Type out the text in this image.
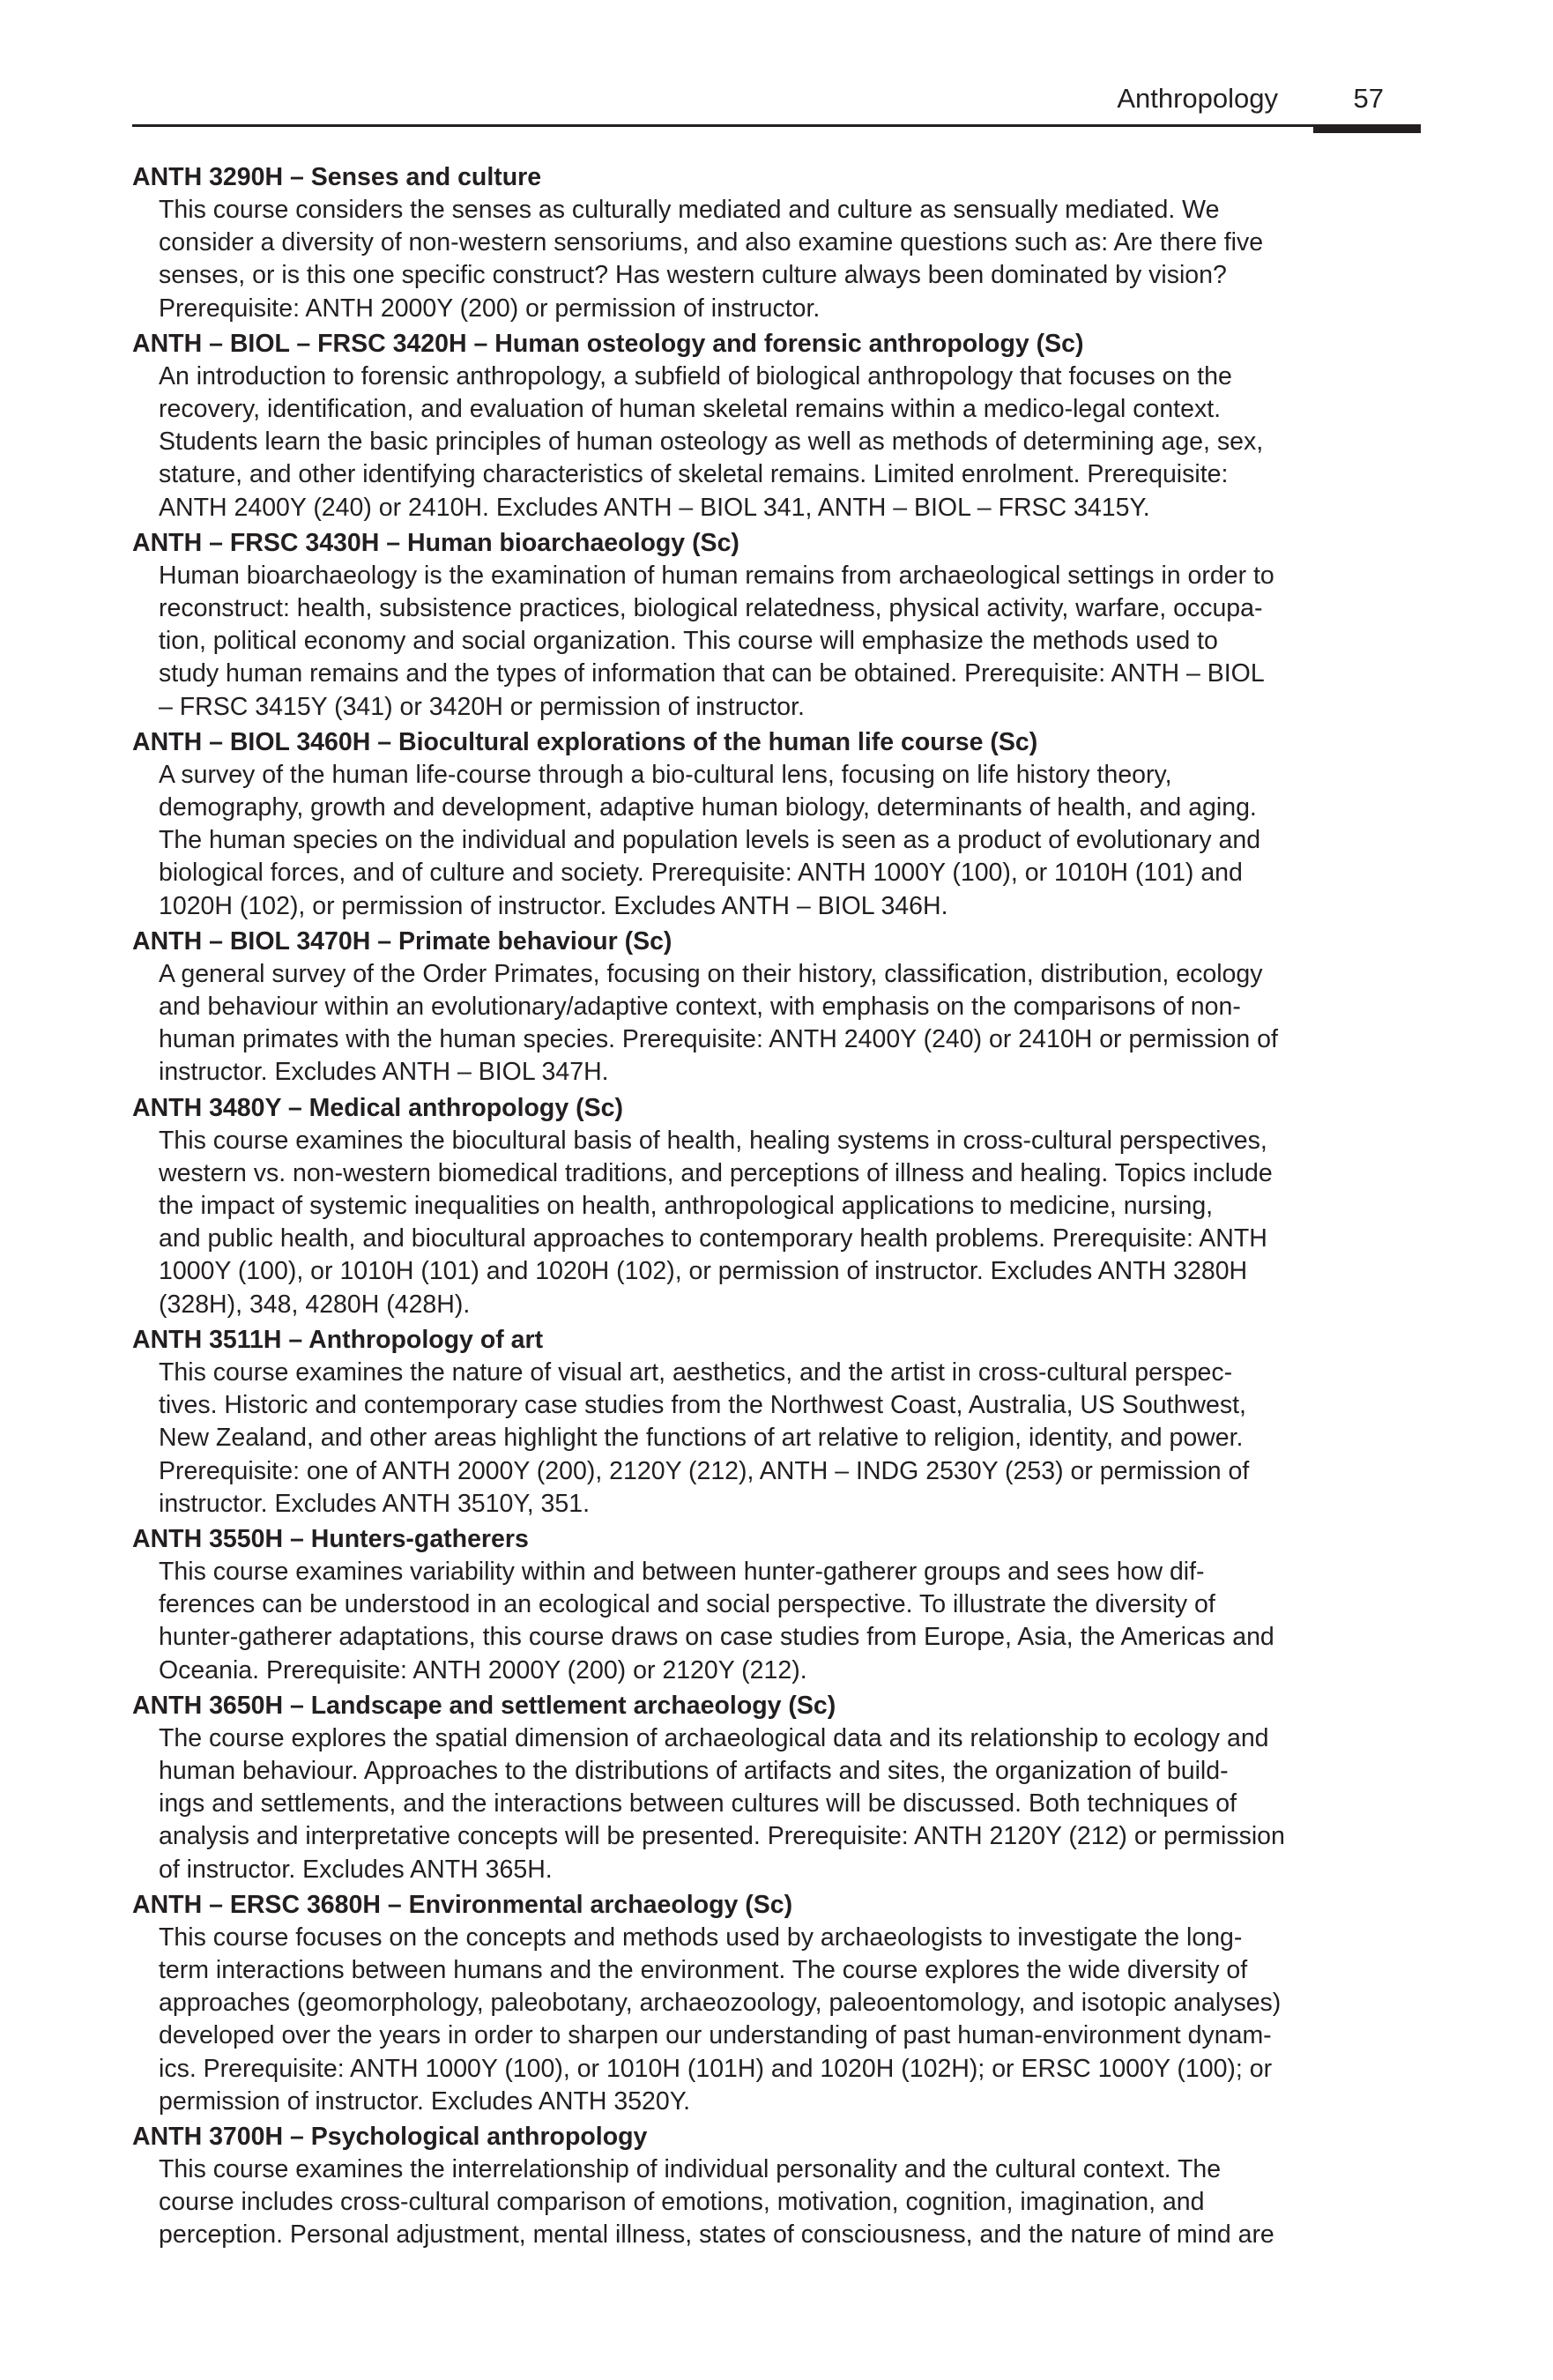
Anthropology	57
ANTH 3290H – Senses and culture
This course considers the senses as culturally mediated and culture as sensually mediated. We
consider a diversity of non-western sensoriums, and also examine questions such as: Are there five
senses, or is this one specific construct? Has western culture always been dominated by vision?
Prerequisite: ANTH 2000Y (200) or permission of instructor.
ANTH – BIOL – FRSC 3420H – Human osteology and forensic anthropology (Sc)
An introduction to forensic anthropology, a subfield of biological anthropology that focuses on the
recovery, identification, and evaluation of human skeletal remains within a medico-legal context.
Students learn the basic principles of human osteology as well as methods of determining age, sex,
stature, and other identifying characteristics of skeletal remains. Limited enrolment. Prerequisite:
ANTH 2400Y (240) or 2410H. Excludes ANTH – BIOL 341, ANTH – BIOL – FRSC 3415Y.
ANTH – FRSC 3430H – Human bioarchaeology (Sc)
Human bioarchaeology is the examination of human remains from archaeological settings in order to
reconstruct: health, subsistence practices, biological relatedness, physical activity, warfare, occupa-
tion, political economy and social organization. This course will emphasize the methods used to
study human remains and the types of information that can be obtained. Prerequisite: ANTH – BIOL
– FRSC 3415Y (341) or 3420H or permission of instructor.
ANTH – BIOL 3460H – Biocultural explorations of the human life course (Sc)
A survey of the human life-course through a bio-cultural lens, focusing on life history theory,
demography, growth and development, adaptive human biology, determinants of health, and aging.
The human species on the individual and population levels is seen as a product of evolutionary and
biological forces, and of culture and society. Prerequisite: ANTH 1000Y (100), or 1010H (101) and
1020H (102), or permission of instructor. Excludes ANTH – BIOL 346H.
ANTH – BIOL 3470H – Primate behaviour (Sc)
A general survey of the Order Primates, focusing on their history, classification, distribution, ecology
and behaviour within an evolutionary/adaptive context, with emphasis on the comparisons of non-
human primates with the human species. Prerequisite: ANTH 2400Y (240) or 2410H or permission of
instructor. Excludes ANTH – BIOL 347H.
ANTH 3480Y – Medical anthropology (Sc)
This course examines the biocultural basis of health, healing systems in cross-cultural perspectives,
western vs. non-western biomedical traditions, and perceptions of illness and healing. Topics include
the impact of systemic inequalities on health, anthropological applications to medicine, nursing,
and public health, and biocultural approaches to contemporary health problems. Prerequisite: ANTH
1000Y (100), or 1010H (101) and 1020H (102), or permission of instructor. Excludes ANTH 3280H
(328H), 348, 4280H (428H).
ANTH 3511H – Anthropology of art
This course examines the nature of visual art, aesthetics, and the artist in cross-cultural perspec-
tives. Historic and contemporary case studies from the Northwest Coast, Australia, US Southwest,
New Zealand, and other areas highlight the functions of art relative to religion, identity, and power.
Prerequisite: one of ANTH 2000Y (200), 2120Y (212), ANTH – INDG 2530Y (253) or permission of
instructor. Excludes ANTH 3510Y, 351.
ANTH 3550H – Hunters-gatherers
This course examines variability within and between hunter-gatherer groups and sees how dif-
ferences can be understood in an ecological and social perspective. To illustrate the diversity of
hunter-gatherer adaptations, this course draws on case studies from Europe, Asia, the Americas and
Oceania. Prerequisite: ANTH 2000Y (200) or 2120Y (212).
ANTH 3650H – Landscape and settlement archaeology (Sc)
The course explores the spatial dimension of archaeological data and its relationship to ecology and
human behaviour. Approaches to the distributions of artifacts and sites, the organization of build-
ings and settlements, and the interactions between cultures will be discussed. Both techniques of
analysis and interpretative concepts will be presented. Prerequisite: ANTH 2120Y (212) or permission
of instructor. Excludes ANTH 365H.
ANTH – ERSC 3680H – Environmental archaeology (Sc)
This course focuses on the concepts and methods used by archaeologists to investigate the long-
term interactions between humans and the environment. The course explores the wide diversity of
approaches (geomorphology, paleobotany, archaeozoology, paleoentomology, and isotopic analyses)
developed over the years in order to sharpen our understanding of past human-environment dynam-
ics. Prerequisite: ANTH 1000Y (100), or 1010H (101H) and 1020H (102H); or ERSC 1000Y (100); or
permission of instructor. Excludes ANTH 3520Y.
ANTH 3700H – Psychological anthropology
This course examines the interrelationship of individual personality and the cultural context. The
course includes cross-cultural comparison of emotions, motivation, cognition, imagination, and
perception. Personal adjustment, mental illness, states of consciousness, and the nature of mind are
